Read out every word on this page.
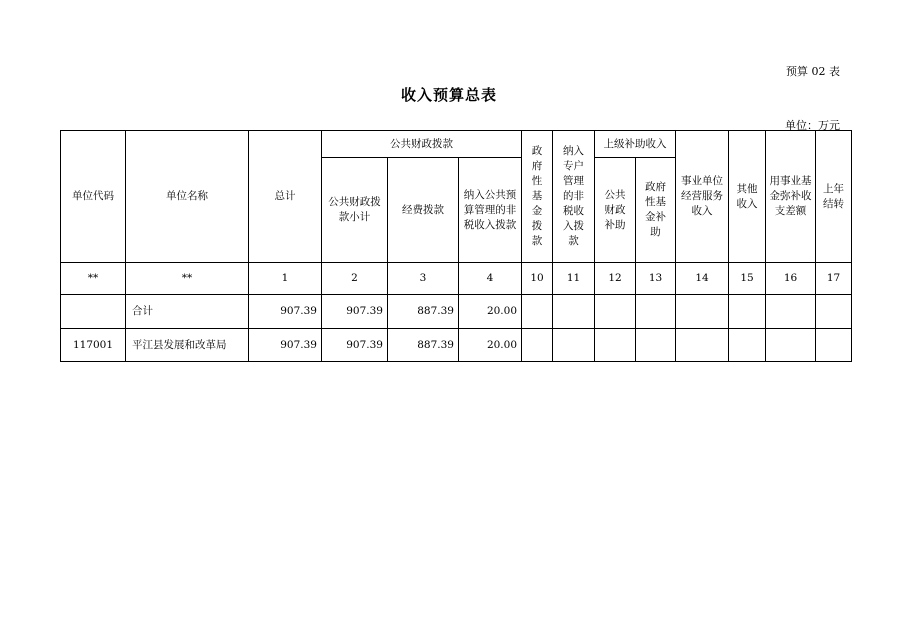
预算 02 表
收入预算总表
单位：万元
单位代码	单位名称	总计	公共财政拨款			政府性基金拨款	纳入专户管理的非税收入拨款	上级补助收入		事业单位经营服务收入	其他收入	用事业基金弥补收支差额	上年结转

			公共财政拨款小计	经费拨款	纳入公共预算管理的非税收入拨款			公共财政补助	政府性基金补助				

**	**	1	2	3	4	10	11	12	13	14	15	16	17
	合计	907.39	907.39	887.39	20.00								
117001	平江县发展和改革局	907.39	907.39	887.39	20.00								
